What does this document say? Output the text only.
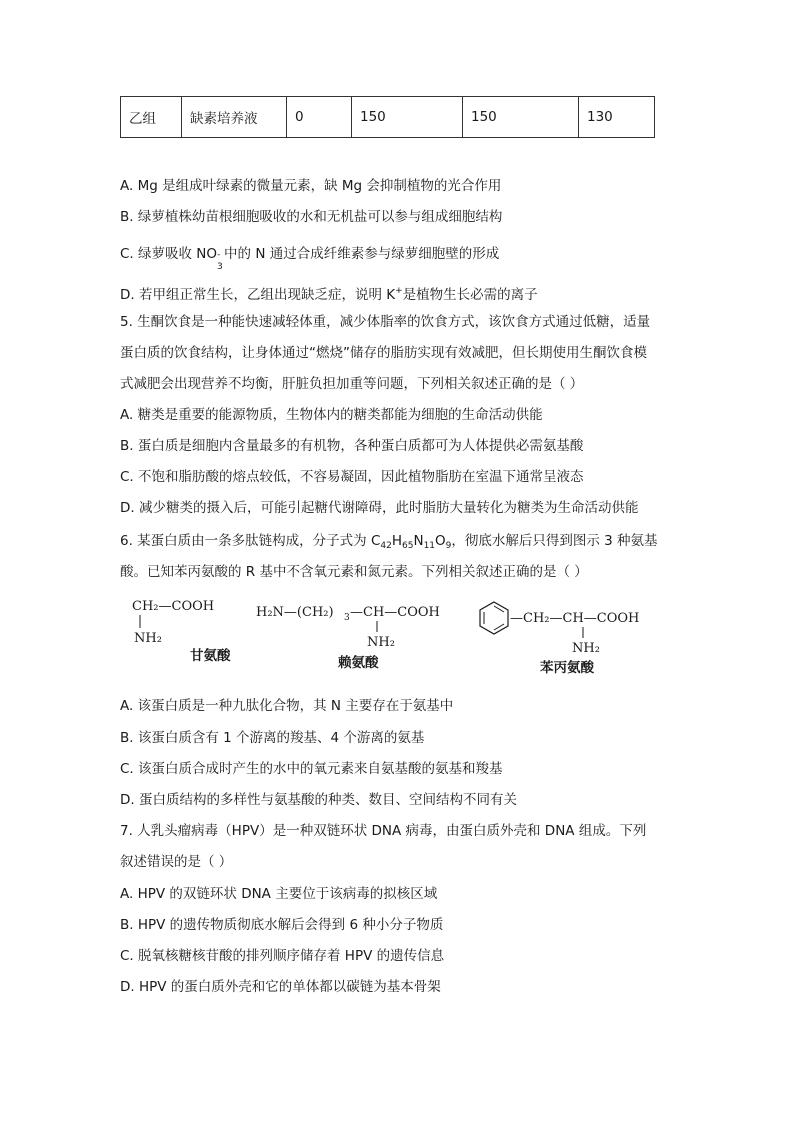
乙组	缺素培养液	0	150	150	130
A. Mg 是组成叶绿素的微量元素，缺 Mg 会抑制植物的光合作用
B. 绿萝植株幼苗根细胞吸收的水和无机盐可以参与组成细胞结构
C. 绿萝吸收 NO -
3
中的 N 通过合成纤维素参与绿萝细胞壁的形成
D. 若甲组正常生长，乙组出现缺乏症，说明 K+是植物生长必需的离子
5. 生酮饮食是一种能快速减轻体重，减少体脂率的饮食方式，该饮食方式通过低糖，适量
蛋白质的饮食结构，让身体通过“燃烧”储存的脂肪实现有效减肥，但长期使用生酮饮食模
式减肥会出现营养不均衡，肝脏负担加重等问题，下列相关叙述正确的是（ ）
A. 糖类是重要的能源物质，生物体内的糖类都能为细胞的生命活动供能
B. 蛋白质是细胞内含量最多的有机物，各种蛋白质都可为人体提供必需氨基酸
C. 不饱和脂肪酸的熔点较低，不容易凝固，因此植物脂肪在室温下通常呈液态
D. 减少糖类的摄入后，可能引起糖代谢障碍，此时脂肪大量转化为糖类为生命活动供能
6. 某蛋白质由一条多肽链构成，分子式为 $C_{42}H_{65}N_{11}O_9$，彻底水解后只得到图示 3 种氨基
酸。已知苯丙氨酸的 R 基中不含氧元素和氮元素。下列相关叙述正确的是（ ）
CH₂—COOH
NH₂
甘氨酸
H₂N—(CH₂) 3 —CH—COOH
NH₂
赖氨酸
—CH₂—CH—COOH
NH₂
苯丙氨酸
A. 该蛋白质是一种九肽化合物，其 N 主要存在于氨基中
B. 该蛋白质含有 1 个游离的羧基、4 个游离的氨基
C. 该蛋白质合成时产生的水中的氧元素来自氨基酸的氨基和羧基
D. 蛋白质结构的多样性与氨基酸的种类、数目、空间结构不同有关
7. 人乳头瘤病毒（HPV）是一种双链环状 DNA 病毒，由蛋白质外壳和 DNA 组成。下列
叙述错误的是（ ）
A. HPV 的双链环状 DNA 主要位于该病毒的拟核区域
B. HPV 的遗传物质彻底水解后会得到 6 种小分子物质
C. 脱氧核糖核苷酸的排列顺序储存着 HPV 的遗传信息
D. HPV 的蛋白质外壳和它的单体都以碳链为基本骨架
